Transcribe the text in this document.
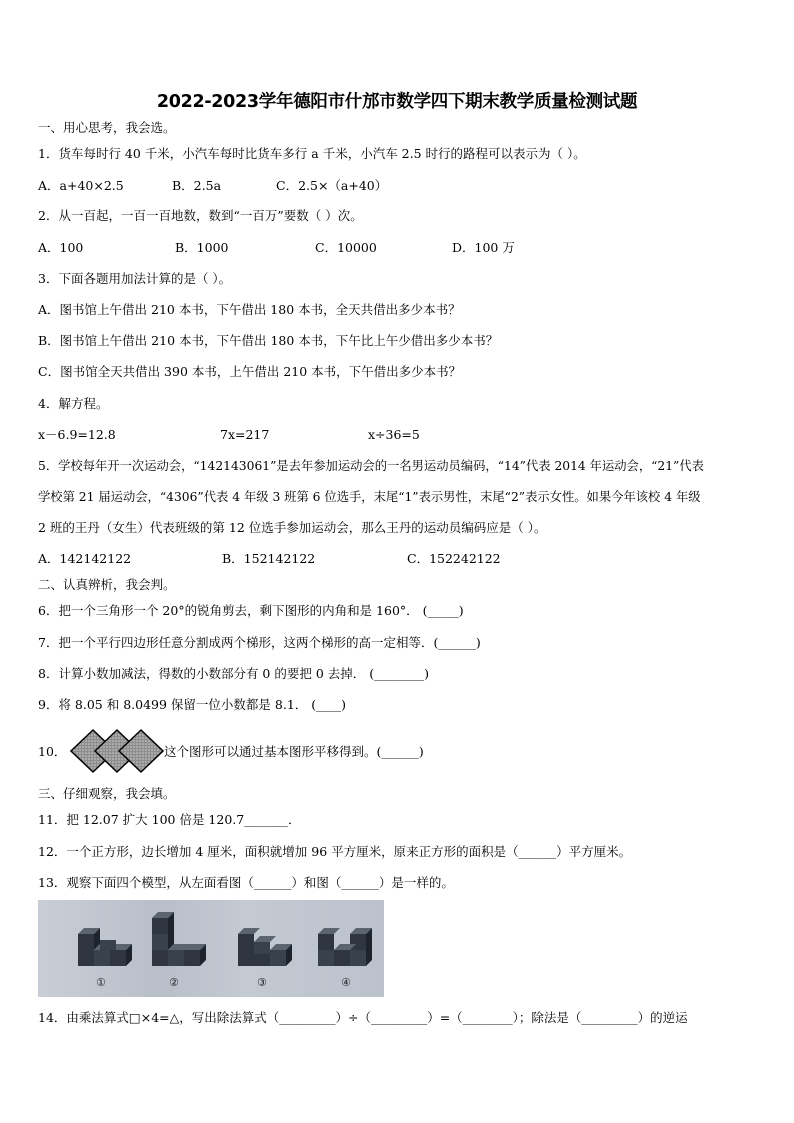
2022-2023学年德阳市什邡市数学四下期末教学质量检测试题
一、用心思考，我会选。
1．货车每时行 40 千米，小汽车每时比货车多行 a 千米，小汽车 2.5 时行的路程可以表示为（ ）。
A．a+40×2.5	B．2.5a	C．2.5×（a+40）
2．从一百起，一百一百地数，数到“一百万”要数（ ）次。
A．100	B．1000	C．10000	D．100 万
3．下面各题用加法计算的是（ ）。
A．图书馆上午借出 210 本书，下午借出 180 本书，全天共借出多少本书？
B．图书馆上午借出 210 本书，下午借出 180 本书，下午比上午少借出多少本书？
C．图书馆全天共借出 390 本书，上午借出 210 本书，下午借出多少本书？
4．解方程。
x－6.9=12.8	7x=217	x÷36=5
5．学校每年开一次运动会，“142143061”是去年参加运动会的一名男运动员编码，“14”代表 2014 年运动会，“21”代表
学校第 21 届运动会，“4306”代表 4 年级 3 班第 6 位选手，末尾“1”表示男性，末尾“2”表示女性。如果今年该校 4 年级
2 班的王丹（女生）代表班级的第 12 位选手参加运动会，那么王丹的运动员编码应是（ ）。
A．142142122	B．152142122	C．152242122
二、认真辨析，我会判。
6．把一个三角形一个 20°的锐角剪去，剩下图形的内角和是 160°． (_____)
7．把一个平行四边形任意分割成两个梯形，这两个梯形的高一定相等．(______)
8．计算小数加减法，得数的小数部分有 0 的要把 0 去掉． (________)
9．将 8.05 和 8.0499 保留一位小数都是 8.1． (____)
10．	这个图形可以通过基本图形平移得到。(______)
三、仔细观察，我会填。
11．把 12.07 扩大 100 倍是 120.7_______．
12．一个正方形，边长增加 4 厘米，面积就增加 96 平方厘米，原来正方形的面积是（______）平方厘米。
13．观察下面四个模型，从左面看图（______）和图（______）是一样的。
①	②	③	④
14．由乘法算式□×4=△，写出除法算式（_________）÷（_________）=（________）；除法是（_________）的逆运
